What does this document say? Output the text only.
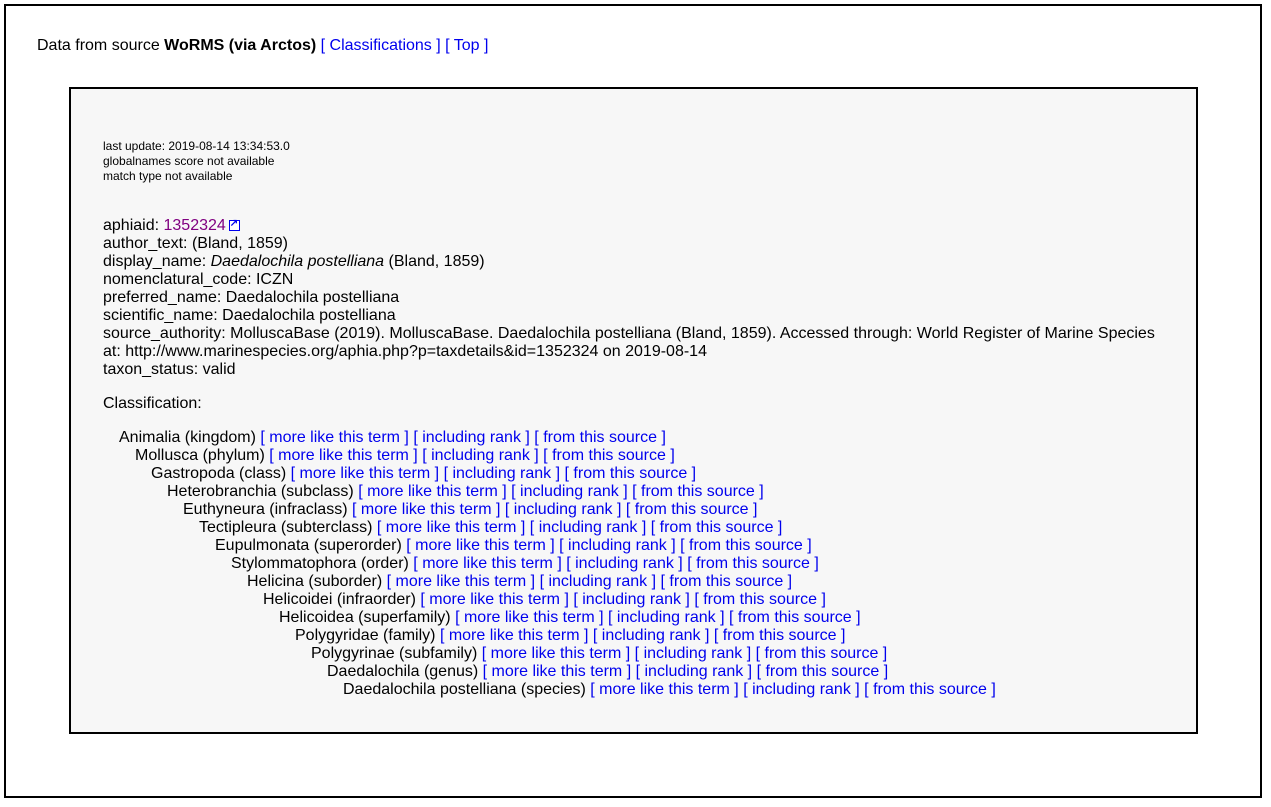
Data from source WoRMS (via Arctos) [ Classifications ] [ Top ]
last update: 2019-08-14 13:34:53.0
globalnames score not available
match type not available
aphiaid: 1352324↗
author_text: (Bland, 1859)
display_name: Daedalochila postelliana (Bland, 1859)
nomenclatural_code: ICZN
preferred_name: Daedalochila postelliana
scientific_name: Daedalochila postelliana
source_authority: MolluscaBase (2019). MolluscaBase. Daedalochila postelliana (Bland, 1859). Accessed through: World Register of Marine Species
at: http://www.marinespecies.org/aphia.php?p=taxdetails&id=1352324 on 2019-08-14
taxon_status: valid
Classification:
Animalia (kingdom) [ more like this term ] [ including rank ] [ from this source ]
Mollusca (phylum) [ more like this term ] [ including rank ] [ from this source ]
Gastropoda (class) [ more like this term ] [ including rank ] [ from this source ]
Heterobranchia (subclass) [ more like this term ] [ including rank ] [ from this source ]
Euthyneura (infraclass) [ more like this term ] [ including rank ] [ from this source ]
Tectipleura (subterclass) [ more like this term ] [ including rank ] [ from this source ]
Eupulmonata (superorder) [ more like this term ] [ including rank ] [ from this source ]
Stylommatophora (order) [ more like this term ] [ including rank ] [ from this source ]
Helicina (suborder) [ more like this term ] [ including rank ] [ from this source ]
Helicoidei (infraorder) [ more like this term ] [ including rank ] [ from this source ]
Helicoidea (superfamily) [ more like this term ] [ including rank ] [ from this source ]
Polygyridae (family) [ more like this term ] [ including rank ] [ from this source ]
Polygyrinae (subfamily) [ more like this term ] [ including rank ] [ from this source ]
Daedalochila (genus) [ more like this term ] [ including rank ] [ from this source ]
Daedalochila postelliana (species) [ more like this term ] [ including rank ] [ from this source ]
